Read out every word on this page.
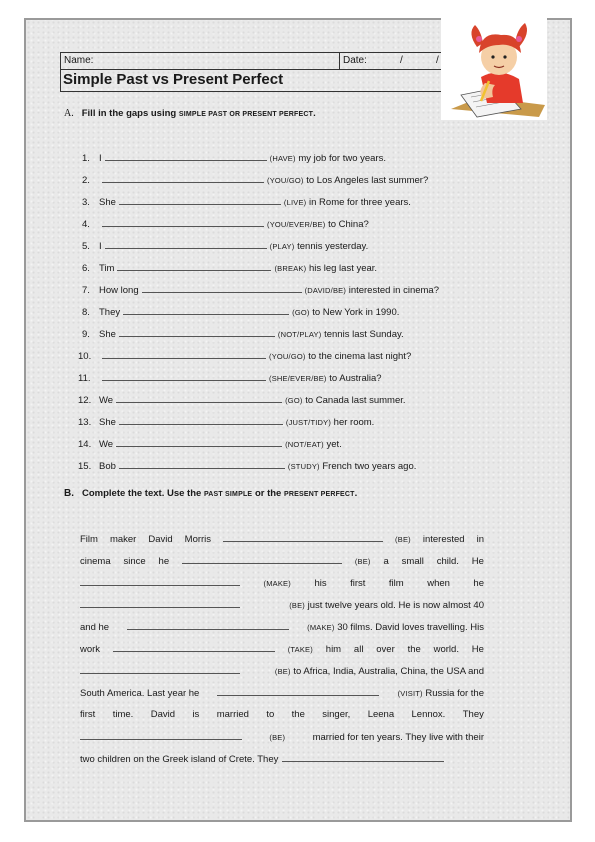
Name:	Date:	/	/
Simple Past vs Present Perfect
A. Fill in the gaps using SIMPLE PAST OR PRESENT PERFECT.
1. I	(HAVE) my job for two years.
2.	(YOU/GO) to Los Angeles last summer?
3. She	(LIVE) in Rome for three years.
4.	(YOU/EVER/BE) to China?
5. I	(PLAY) tennis yesterday.
6. Tim	(BREAK) his leg last year.
7. How long	(DAVID/BE) interested in cinema?
8. They	(GO) to New York in 1990.
9. She	(NOT/PLAY) tennis last Sunday.
10.	(YOU/GO) to the cinema last night?
11.	(SHE/EVER/BE) to Australia?
12. We	(GO) to Canada last summer.
13. She	(JUST/TIDY) her room.
14. We	(NOT/EAT) yet.
15. Bob	(STUDY) French two years ago.
B. Complete the text. Use the PAST SIMPLE or the PRESENT PERFECT.
Film maker David Morris	(BE) interested in
cinema since he	(BE) a small child. He
(MAKE) his first film when he
(BE) just twelve years old. He is now almost 40
and he	(MAKE) 30 films. David loves travelling. His
work	(TAKE) him all over the world. He
(BE) to Africa, India, Australia, China, the USA and
South America. Last year he	(VISIT) Russia for the
first time. David is married to the singer, Leena Lennox. They
(BE)	married for ten years. They live with their
two children on the Greek island of Crete. They
